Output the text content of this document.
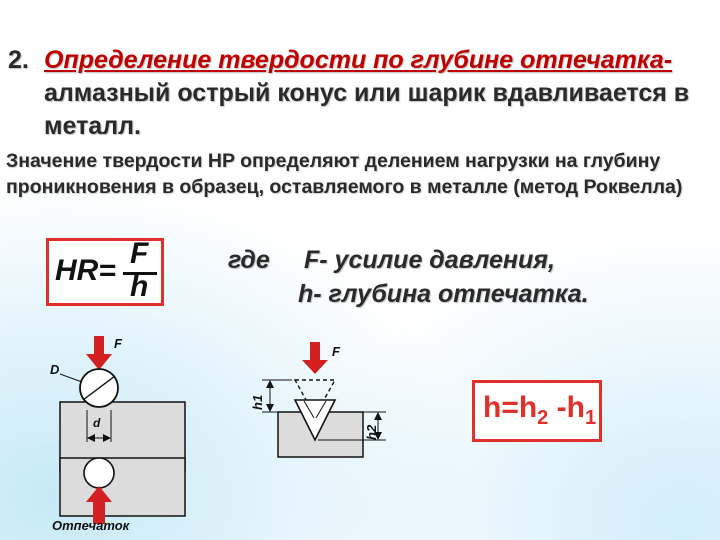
2. Определение твердости по глубине отпечатка- алмазный острый конус или шарик вдавливается в металл.
Значение твердости HP определяют делением нагрузки на глубину проникновения в образец, оставляемого в металле (метод Роквелла)
HR=
F
h
где F- усилие давления,
h- глубина отпечатка.
F
D
d
Отпечаток
F
h1
h2
$h=h_2$ $-h_1$
